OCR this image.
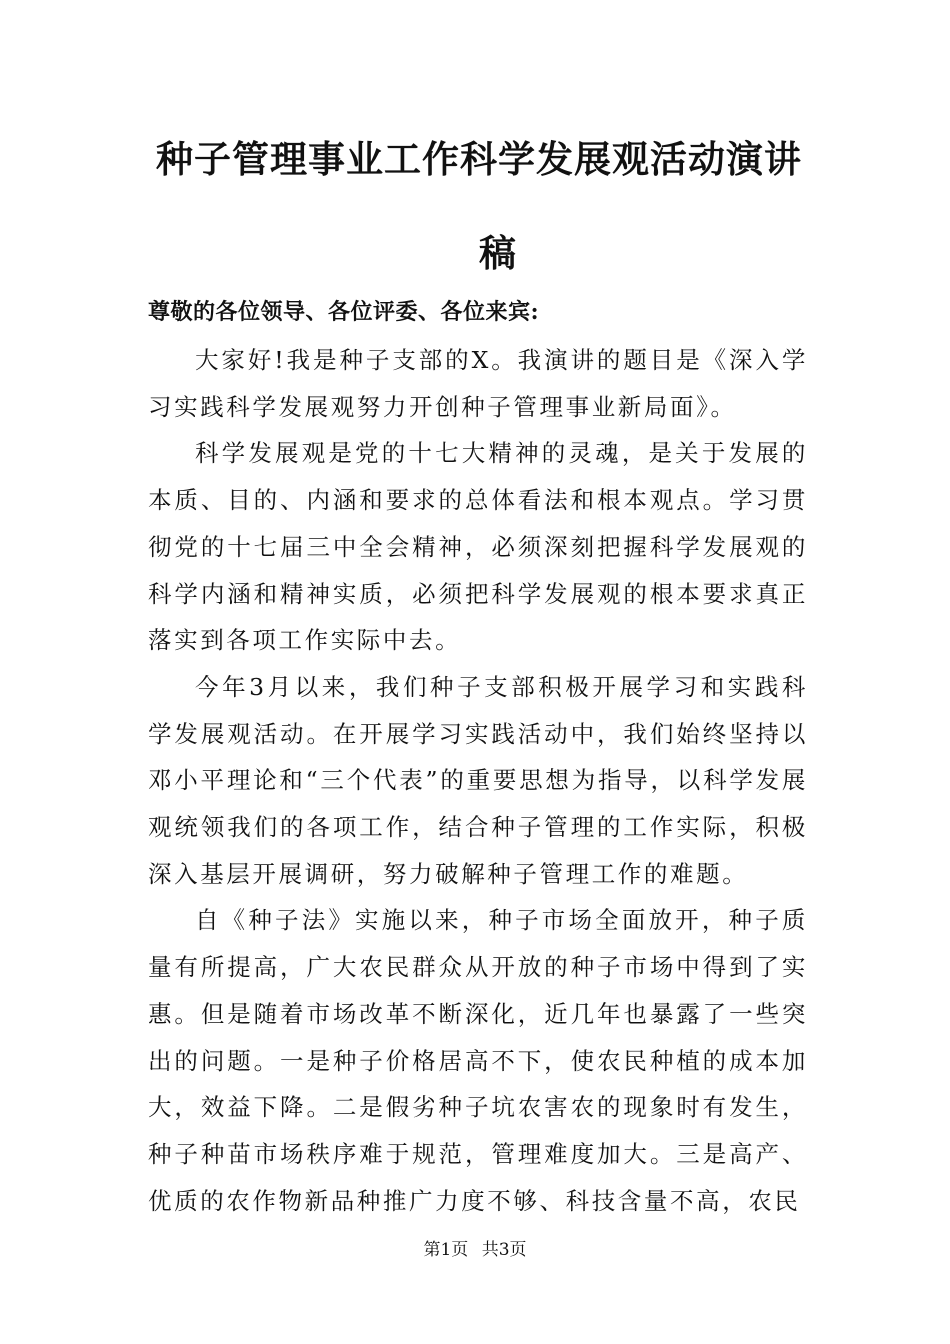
种子管理事业工作科学发展观活动演讲
稿
尊敬的各位领导、各位评委、各位来宾:

大家好!我是种子支部的X。我演讲的题目是《深入学习实践科学发展观努力开创种子管理事业新局面》。

科学发展观是党的十七大精神的灵魂，是关于发展的本质、目的、内涵和要求的总体看法和根本观点。学习贯彻党的十七届三中全会精神，必须深刻把握科学发展观的科学内涵和精神实质，必须把科学发展观的根本要求真正落实到各项工作实际中去。

今年3月以来，我们种子支部积极开展学习和实践科学发展观活动。在开展学习实践活动中，我们始终坚持以邓小平理论和“三个代表”的重要思想为指导，以科学发展观统领我们的各项工作，结合种子管理的工作实际，积极深入基层开展调研，努力破解种子管理工作的难题。

自《种子法》实施以来，种子市场全面放开，种子质量有所提高，广大农民群众从开放的种子市场中得到了实惠。但是随着市场改革不断深化，近几年也暴露了一些突出的问题。一是种子价格居高不下，使农民种植的成本加大，效益下降。二是假劣种子坑农害农的现象时有发生，种子种苗市场秩序难于规范，管理难度加大。三是高产、优质的农作物新品种推广力度不够、科技含量不高，农民

第1页 共3页
